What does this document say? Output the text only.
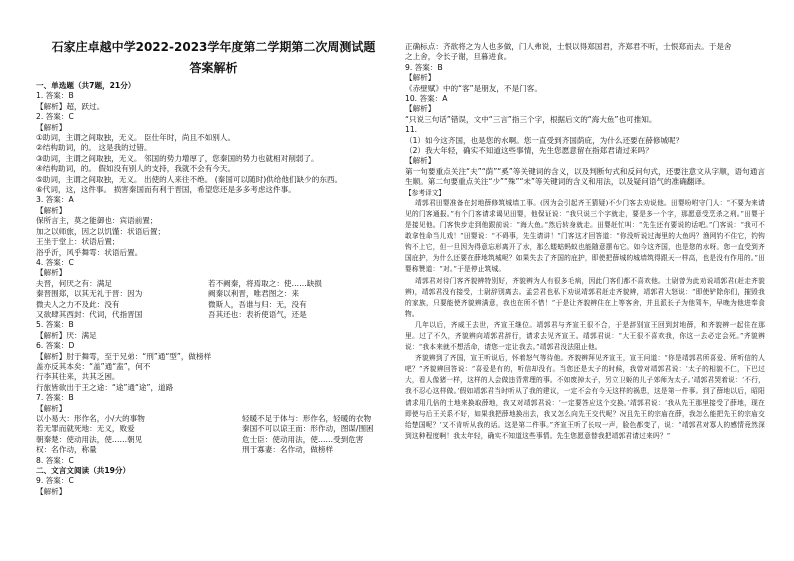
石家庄卓越中学2022-2023学年度第二学期第二次周测试题
答案解析
一、单选题（共7题，21分）
1. 答案：B
【解析】超，跃过。
2. 答案：C
【解析】
①助词，主谓之间取独，无义。 臣仕年时，尚且不如别人。
②结构助词，的。 这是我的过错。
③助词，主谓之间取独，无义。 邻国的势力增厚了，您秦国的势力也就相对削弱了。
④结构助词，的。 假如没有别人的支持，我就不会有今天。
⑤助词，主谓之间取独，无义。 出使的人来往不绝。 (秦国可以随时)供给他们缺少的东西。
⑥代词，这，这件事。 损害秦国而有利于晋国，希望您还是多多考虑这件事。
3. 答案：A
【解析】
保所言主，莫之能御也：宾语前置；
加之以师旅，因之以饥馑：状语后置；
王坐于堂上：状语后置；
浴乎沂，风乎舞雩：状语后置。
4. 答案：C
【解析】
夫晋，何厌之有：满足	若不阙秦，将焉取之：使……缺损
秦晋围郑，以其无礼于晋：因为	阙秦以利晋，唯君图之：来
微夫人之力不及此：没有	微斯人，吾谁与归：无，没有
又欲肆其西封：代词，代指晋国	吾其还也：表祈使语气，还是
5. 答案：B
【解析】厌：满足
6. 答案：D
【解析】肘于舞雩，至于兄弟：“刑”通“型”，做榜样
盖亦反其本矣：“盖”通“盍”，何不
行李其往来，共其乏困。
行旅皆欲出于王之途：“途”通“途”，道路
7. 答案：B
【解析】
以小易大：形作名，小/大的事物	轻暖不足于体与：形作名，轻暖的衣物
若无罪而就死地：无义，败爱	秦国不可以谅王而：形作动，图谋/围困
朝秦楚：使动用法，使……朝见	危士臣：使动用法，使……受到危害
权：名作动，称量	刑于寡妻：名作动，做榜样
8. 答案：C
二、文言文阅读（共19分）
9. 答案：C
【解析】
正确标点：齐欲将之为人也多做，门人弗说，士恨以得郑国君，齐郑君不听，士恨郑而去。于是舍
之上舍，令长子谢，旦暮进食。
9. 答案：B
【解析】
《赤壁赋》中的“客”是朋友，不是门客。
10. 答案：A
【解析】
“只说三句话”错误，文中“三言”指三个字，根据后文的“海大鱼”也可推知。
11.
（1）如今这齐国，也是您的水啊。您一直受到齐国荫庇，为什么还要在薛修城呢？
（2）我大年轻，确实不知道这些事情，先生您愿意留在指郑君请过来吗？
【解析】
第一句要重点关注“夫”“荫”“奚”等关键词的含义，以及判断句式和反问句式，还要注意文从字顺，语句通言生顺。第二句要重点关注“少”“殊”“未”等关键词的含义和用法，以及疑问语气的准确翻译。
【参考译文】

靖郭君田婴准备在封地薛修筑城墙工事。(因为会引起齐王猜疑)不少门客去劝说他。田婴吩咐守门人：“不要为来请见的门客通报。”有个门客请求谒见田婴，他保证说：“我只说三个字就走，要是多一个字，那愿意受烹杀之刑。”田婴于是接见他。门客快步走到他跟前说：“海大鱼。”然后转身就走。田婴赶忙叫：“先生还有要说的话吧。”门客说：“我可不敢拿性命当儿戏！”田婴说：“不碍事，先生请讲！”门客这才回答道：“你没听说过海里的大鱼吗？渔网钓不住它，钓钩钩不上它，但一旦因为得意忘形离开了水，那么蝼蛄蚂蚁也能随意摆布它。如今这齐国，也是您的水呀。您一直受到齐国庇护，为什么还要在薛地筑城呢？如果失去了齐国的庇护，即使把薛城的城墙筑得跟天一样高，也是没有作用的。”田婴称赞道：“对。”于是停止筑城。

靖郭君对待门客齐貌辨特别好，齐貌辨为人有很多毛病，因此门客们都不喜欢他。士尉曾为此劝说靖郭君(赶走齐貌辨)，靖郭君没有接受，士尉辞别离去。孟尝君也私下劝说靖郭君赶走齐貌辨，靖郭君大怒说：“即使铲除你们，摧毁我的家族，只要能使齐貌辨满意，我也在所不惜！”于是让齐貌辨住在上等客舍，并且派长子为他驾车，早晚为他进奉食物。

几年以后，齐威王去世，齐宣王继位。靖郭君与齐宣王很不合，于是辞别宣王回到封地薛，和齐貌辨一起住在那里。过了不久，齐貌辨向靖郭君辞行，请求去见齐宣王。靖郭君说：“大王很不喜欢我，你这一去必定会死。”齐貌辨说：“我本来就不想活命，请您一定让我去。”靖郭君没法阻止他。

齐貌辨到了齐国，宣王听说后，怀着怒气等待他。齐貌辨拜见齐宣王，宣王问道：“你是靖郭君所喜爱、所听信的人吧？”齐貌辨回答说：“喜爱是有的，听信却没有。当您还是太子的时候，我曾对靖郭君说：‘太子的相貌不仁，下巴过大，看人像猪一样，这样的人会做违背常理的事。不如废掉太子，另立卫姬的儿子郊师为太子。’靖郭君哭着说：‘不行，我不忍心这样做。’假如靖郭君当时听从了我的建议，一定不会有今天这样的祸患，这是第一件事。到了薛地以后，昭阳请求用几倍的土地来换取薛地，我又对靖郭君说：‘一定要答应这个交换。’靖郭君说：‘我从先王那里接受了薛地，现在即使与后王关系不好，如果我把薛地换出去，我又怎么向先王交代呢？况且先王的宗庙在薛，我怎么能把先王的宗庙交给楚国呢？’又不肯听从我的话。这是第二件事。”齐宣王听了长叹一声，脸色都变了，说：“靖郭君对寡人的感情竟然深到这种程度啊！我太年轻，确实不知道这些事情。先生您愿意替我把靖郭君请过来吗？”
